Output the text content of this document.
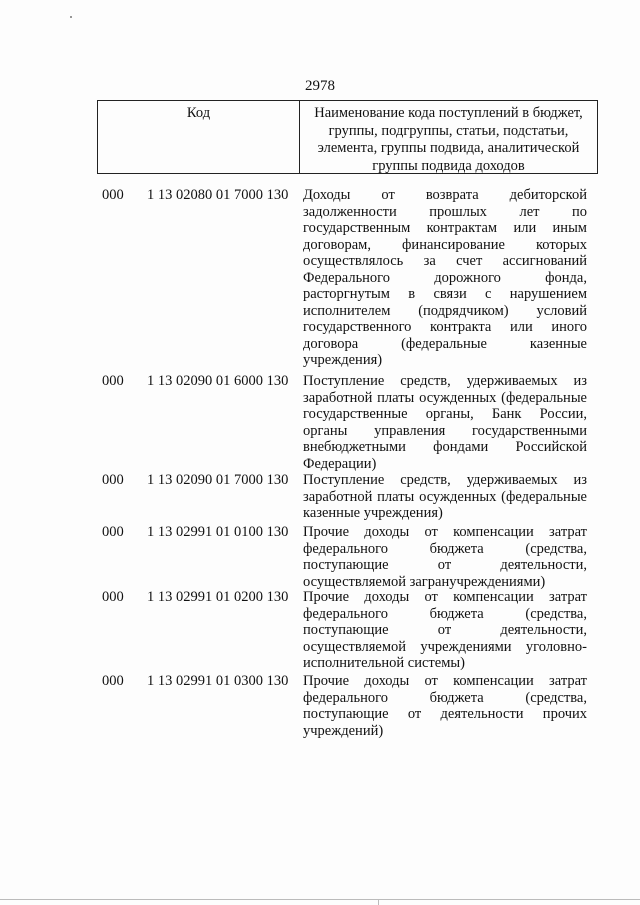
2978
Код	Наименование кода поступлений в бюджет,
группы, подгруппы, статьи, подстатьи,
элемента, группы подвида, аналитической
группы подвида доходов
000 1 13 02080 01 7000 130 Доходы от возврата дебиторской
задолженности прошлых лет по
государственным контрактам или иным
договорам, финансирование которых
осуществлялось за счет ассигнований
Федерального дорожного фонда,
расторгнутым в связи с нарушением
исполнителем (подрядчиком) условий
государственного контракта или иного
договора (федеральные казенные
учреждения)
000 1 13 02090 01 6000 130 Поступление средств, удерживаемых из
заработной платы осужденных (федеральные
государственные органы, Банк России,
органы управления государственными
внебюджетными фондами Российской
Федерации)
000 1 13 02090 01 7000 130 Поступление средств, удерживаемых из
заработной платы осужденных (федеральные
казенные учреждения)
000 1 13 02991 01 0100 130 Прочие доходы от компенсации затрат
федерального бюджета (средства,
поступающие от деятельности,
осуществляемой загранучреждениями)
000 1 13 02991 01 0200 130 Прочие доходы от компенсации затрат
федерального бюджета (средства,
поступающие от деятельности,
осуществляемой учреждениями уголовно-
исполнительной системы)
000 1 13 02991 01 0300 130 Прочие доходы от компенсации затрат
федерального бюджета (средства,
поступающие от деятельности прочих
учреждений)
